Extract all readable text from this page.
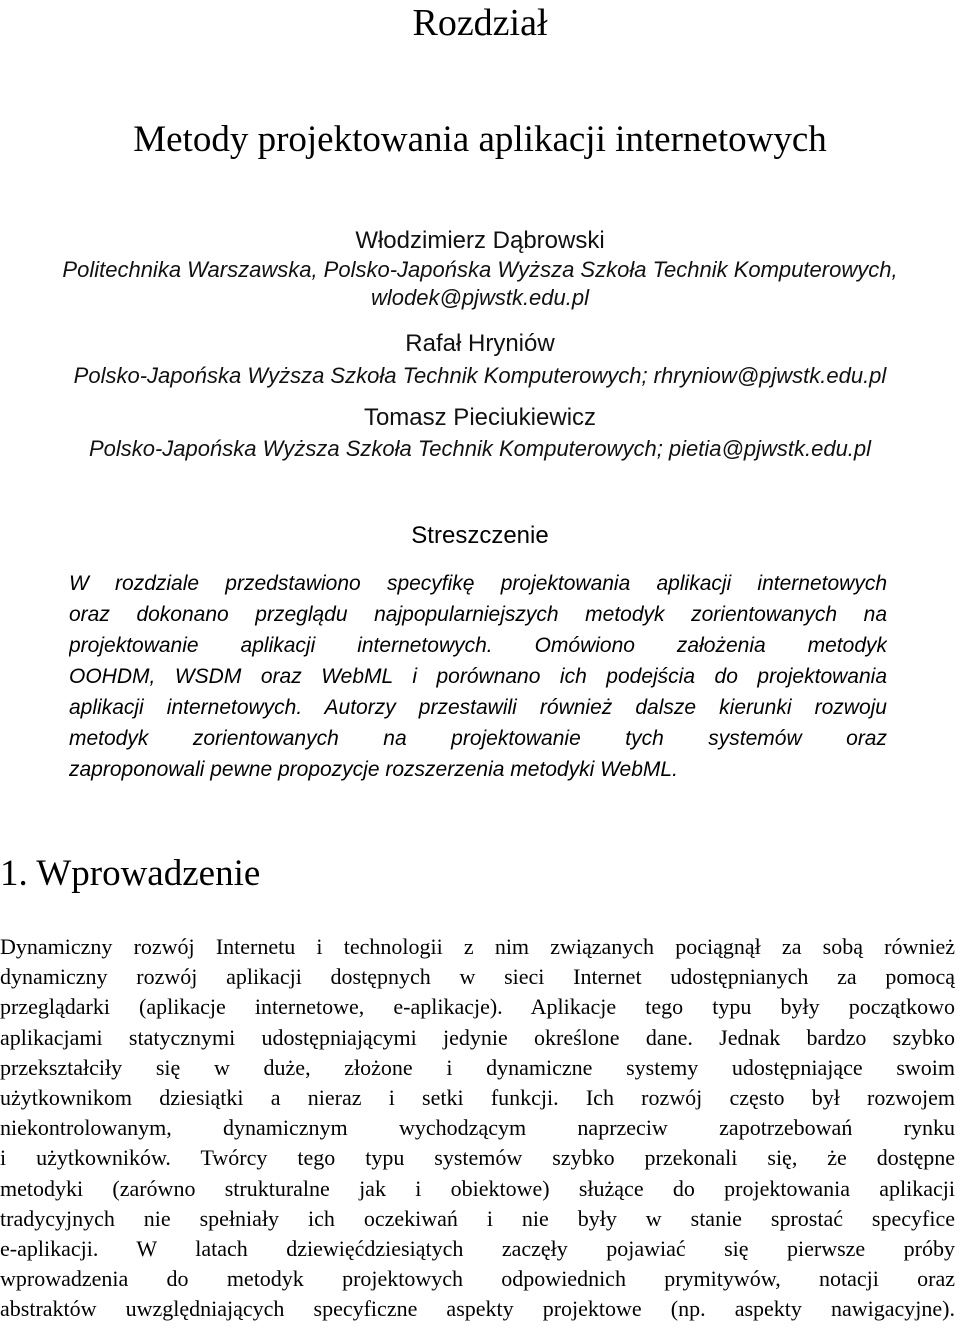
Rozdział
Metody projektowania aplikacji internetowych
Włodzimierz Dąbrowski
Politechnika Warszawska, Polsko-Japońska Wyższa Szkoła Technik Komputerowych,
wlodek@pjwstk.edu.pl
Rafał Hryniów
Polsko-Japońska Wyższa Szkoła Technik Komputerowych; rhryniow@pjwstk.edu.pl
Tomasz Pieciukiewicz
Polsko-Japońska Wyższa Szkoła Technik Komputerowych; pietia@pjwstk.edu.pl
Streszczenie
W rozdziale przedstawiono specyfikę projektowania aplikacji internetowych
oraz dokonano przeglądu najpopularniejszych metodyk zorientowanych na
projektowanie aplikacji internetowych. Omówiono założenia metodyk
OOHDM, WSDM oraz WebML i porównano ich podejścia do projektowania
aplikacji internetowych. Autorzy przestawili również dalsze kierunki rozwoju
metodyk zorientowanych na projektowanie tych systemów oraz
zaproponowali pewne propozycje rozszerzenia metodyki WebML.
1. Wprowadzenie
Dynamiczny rozwój Internetu i technologii z nim związanych pociągnął za sobą również
dynamiczny rozwój aplikacji dostępnych w sieci Internet udostępnianych za pomocą
przeglądarki (aplikacje internetowe, e-aplikacje). Aplikacje tego typu były początkowo
aplikacjami statycznymi udostępniającymi jedynie określone dane. Jednak bardzo szybko
przekształciły się w duże, złożone i dynamiczne systemy udostępniające swoim
użytkownikom dziesiątki a nieraz i setki funkcji. Ich rozwój często był rozwojem
niekontrolowanym, dynamicznym wychodzącym naprzeciw zapotrzebowań rynku
i użytkowników. Twórcy tego typu systemów szybko przekonali się, że dostępne
metodyki (zarówno strukturalne jak i obiektowe) służące do projektowania aplikacji
tradycyjnych nie spełniały ich oczekiwań i nie były w stanie sprostać specyfice
e-aplikacji. W latach dziewięćdziesiątych zaczęły pojawiać się pierwsze próby
wprowadzenia do metodyk projektowych odpowiednich prymitywów, notacji oraz
abstraktów uwzględniających specyficzne aspekty projektowe (np. aspekty nawigacyjne).
